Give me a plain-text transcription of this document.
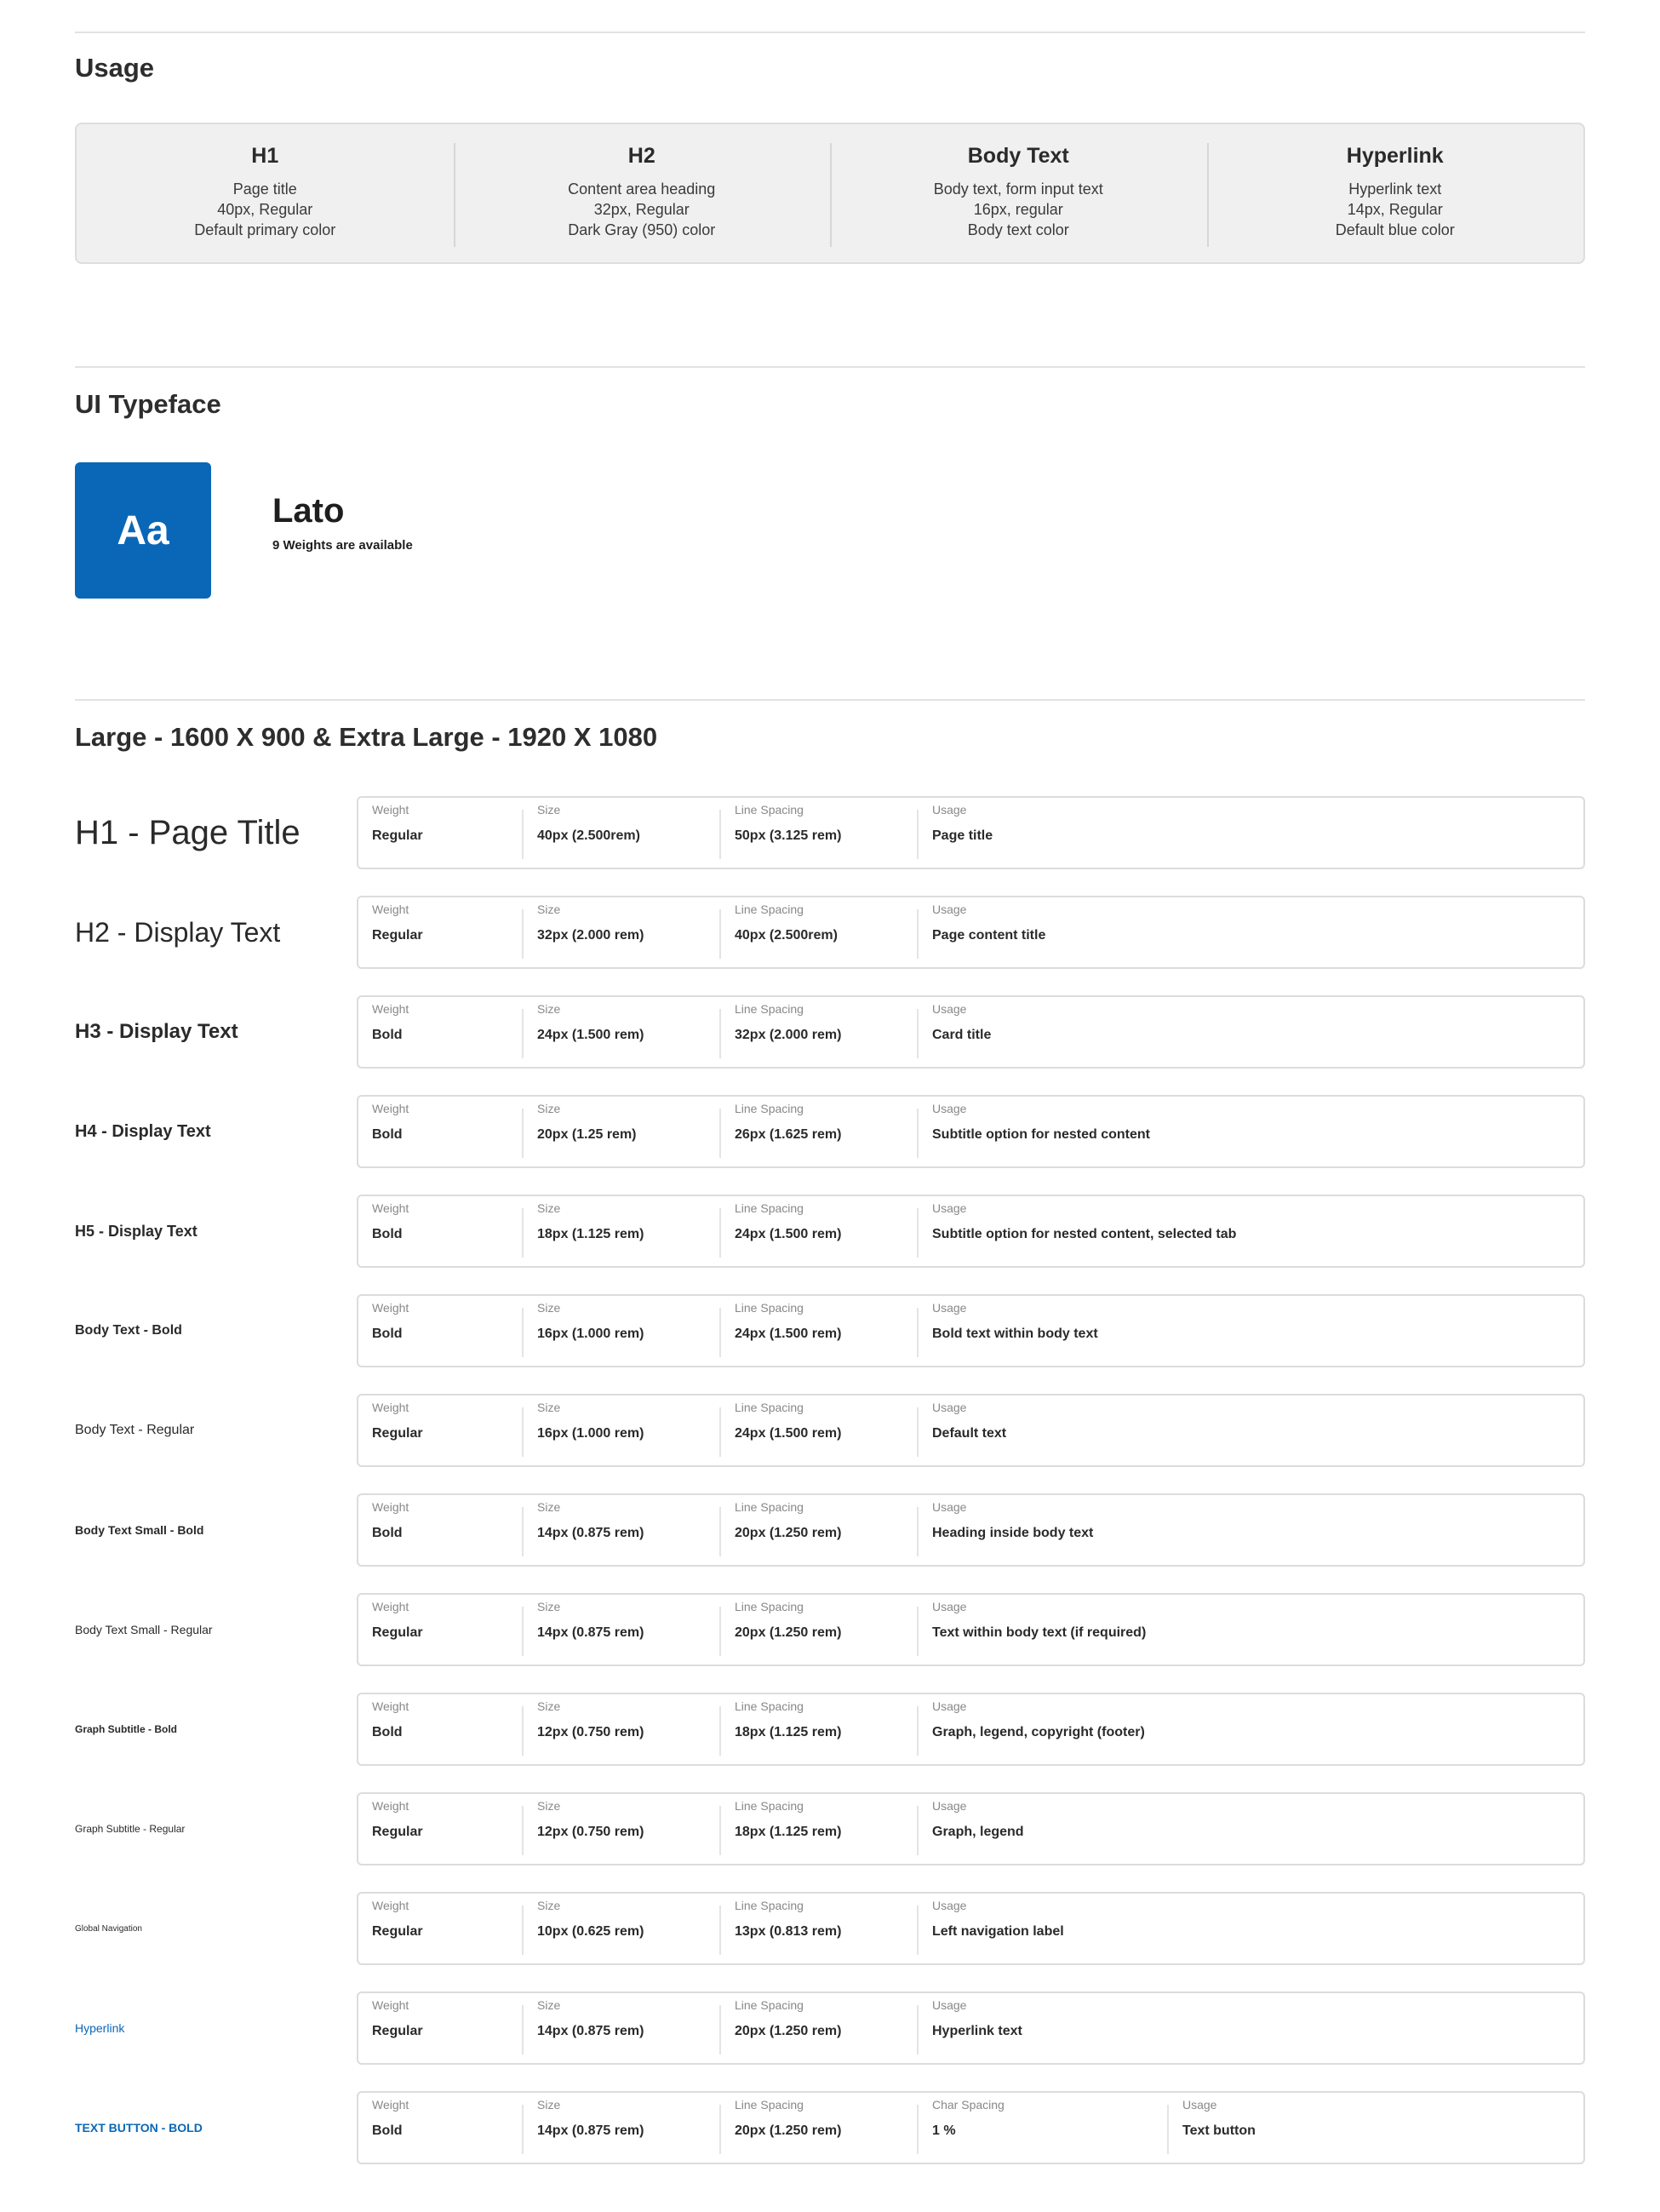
Usage
H1
Page title
40px, Regular
Default primary color
H2
Content area heading
32px, Regular
Dark Gray (950) color
Body Text
Body text, form input text
16px, regular
Body text color
Hyperlink
Hyperlink text
14px, Regular
Default blue color
UI Typeface
Aa	Lato
9 Weights are available
Large - 1600 X 900 & Extra Large - 1920 X 1080
H1 - Page Title
Weight
Regular
Size
40px (2.500rem)
Line Spacing
50px (3.125 rem)
Usage
Page title
H2 - Display Text
Weight
Regular
Size
32px (2.000 rem)
Line Spacing
40px (2.500rem)
Usage
Page content title
H3 - Display Text
Weight
Bold
Size
24px (1.500 rem)
Line Spacing
32px (2.000 rem)
Usage
Card title
H4 - Display Text
Weight
Bold
Size
20px (1.25 rem)
Line Spacing
26px (1.625 rem)
Usage
Subtitle option for nested content
H5 - Display Text
Weight
Bold
Size
18px (1.125 rem)
Line Spacing
24px (1.500 rem)
Usage
Subtitle option for nested content, selected tab
Body Text - Bold
Weight
Bold
Size
16px (1.000 rem)
Line Spacing
24px (1.500 rem)
Usage
Bold text within body text
Body Text - Regular
Weight
Regular
Size
16px (1.000 rem)
Line Spacing
24px (1.500 rem)
Usage
Default text
Body Text Small - Bold
Weight
Bold
Size
14px (0.875 rem)
Line Spacing
20px (1.250 rem)
Usage
Heading inside body text
Body Text Small - Regular
Weight
Regular
Size
14px (0.875 rem)
Line Spacing
20px (1.250 rem)
Usage
Text within body text (if required)
Graph Subtitle - Bold
Weight
Bold
Size
12px (0.750 rem)
Line Spacing
18px (1.125 rem)
Usage
Graph, legend, copyright (footer)
Graph Subtitle - Regular
Weight
Regular
Size
12px (0.750 rem)
Line Spacing
18px (1.125 rem)
Usage
Graph, legend
Global Navigation
Weight
Regular
Size
10px (0.625 rem)
Line Spacing
13px (0.813 rem)
Usage
Left navigation label
Hyperlink
Weight
Regular
Size
14px (0.875 rem)
Line Spacing
20px (1.250 rem)
Usage
Hyperlink text
TEXT BUTTON - BOLD
Weight
Bold
Size
14px (0.875 rem)
Line Spacing
20px (1.250 rem)
Char Spacing
1 %
Usage
Text button
